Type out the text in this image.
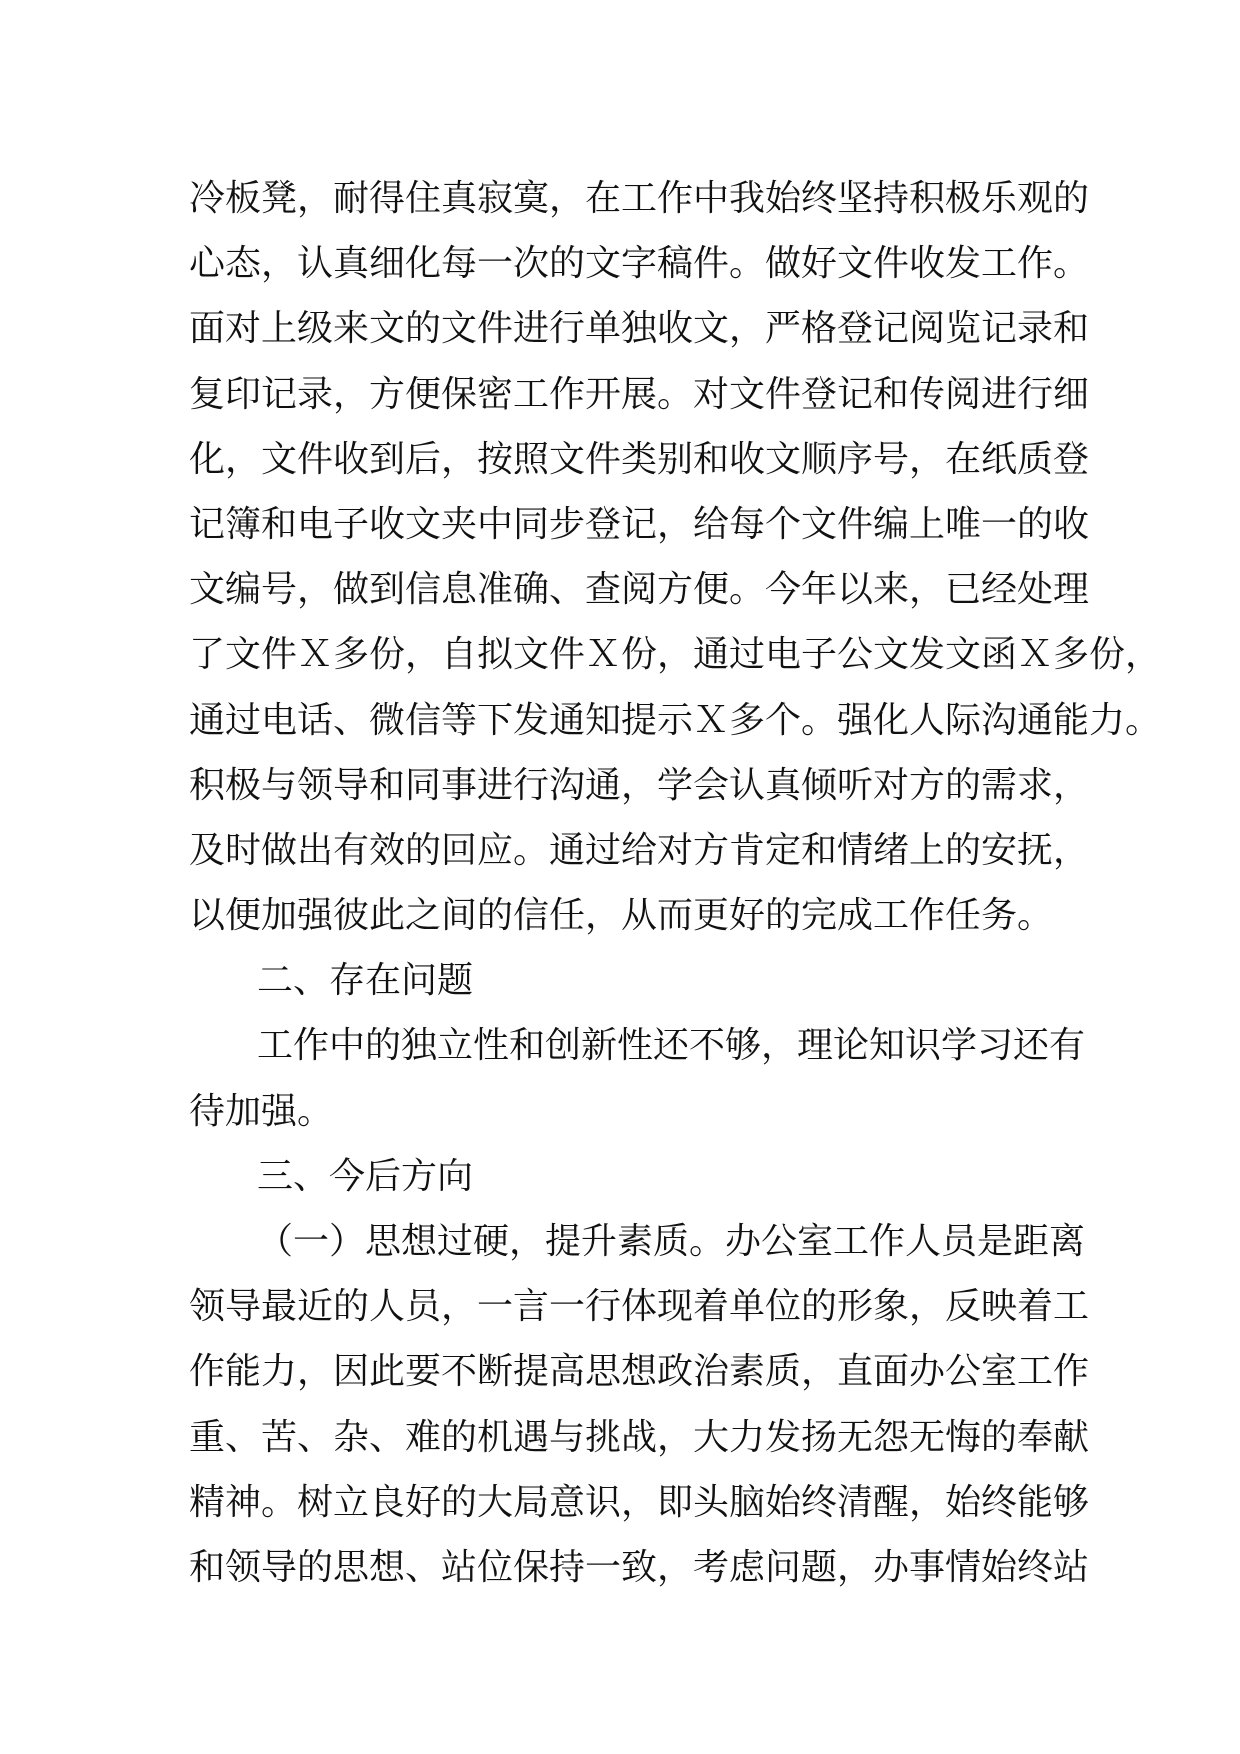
冷板凳，耐得住真寂寞，在工作中我始终坚持积极乐观的
心态，认真细化每一次的文字稿件。做好文件收发工作。
面对上级来文的文件进行单独收文，严格登记阅览记录和
复印记录，方便保密工作开展。对文件登记和传阅进行细
化，文件收到后，按照文件类别和收文顺序号，在纸质登
记簿和电子收文夹中同步登记，给每个文件编上唯一的收
文编号，做到信息准确、查阅方便。今年以来，已经处理
了文件Ｘ多份，自拟文件Ｘ份，通过电子公文发文函Ｘ多份，
通过电话、微信等下发通知提示Ｘ多个。强化人际沟通能力。
积极与领导和同事进行沟通，学会认真倾听对方的需求，
及时做出有效的回应。通过给对方肯定和情绪上的安抚，
以便加强彼此之间的信任，从而更好的完成工作任务。
二、存在问题
工作中的独立性和创新性还不够，理论知识学习还有
待加强。
三、今后方向
（一）思想过硬，提升素质。办公室工作人员是距离
领导最近的人员，一言一行体现着单位的形象，反映着工
作能力，因此要不断提高思想政治素质，直面办公室工作
重、苦、杂、难的机遇与挑战，大力发扬无怨无悔的奉献
精神。树立良好的大局意识，即头脑始终清醒，始终能够
和领导的思想、站位保持一致，考虑问题，办事情始终站
